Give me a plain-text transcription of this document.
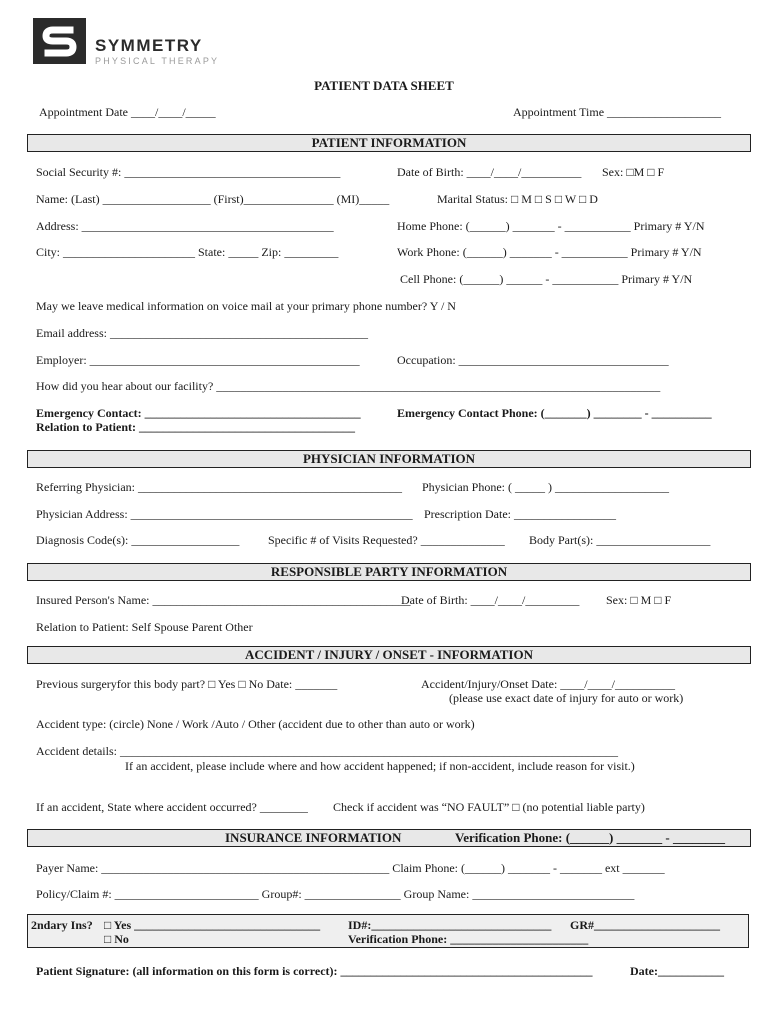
SYMMETRY
PHYSICAL THERAPY
PATIENT DATA SHEET
Appointment Date ____/____/_____	Appointment Time ___________________
PATIENT INFORMATION
Social Security #: ____________________________________	Date of Birth: ____/____/__________ Sex: □M □ F
Name: (Last) __________________ (First)_______________ (MI)_____	Marital Status: □ M □ S □ W □ D
Address: __________________________________________	Home Phone: (______) _______ - ___________ Primary # Y/N
City: ______________________ State: _____ Zip: _________	Work Phone: (______) _______ - ___________ Primary # Y/N
Cell Phone: (______) ______ - ___________ Primary # Y/N
May we leave medical information on voice mail at your primary phone number? Y / N
Email address: ___________________________________________
Employer: _____________________________________________	Occupation: ___________________________________
How did you hear about our facility? __________________________________________________________________________
Emergency Contact: ____________________________________
Relation to Patient: ____________________________________
Emergency Contact Phone: (_______) ________ - __________
PHYSICIAN INFORMATION
Referring Physician: ____________________________________________ Physician Phone: ( _____ ) ___________________
Physician Address: _______________________________________________ Prescription Date: _________________
Diagnosis Code(s): __________________ Specific # of Visits Requested? ______________ Body Part(s): ___________________
RESPONSIBLE PARTY INFORMATION
Insured Person's Name: ___________________________________________
Date of Birth: ____/____/_________ Sex: □ M □ F
Relation to Patient: Self Spouse Parent Other
ACCIDENT / INJURY / ONSET - INFORMATION
Previous surgeryfor this body part? □ Yes □ No Date: _______	Accident/Injury/Onset Date: ____/____/__________
(please use exact date of injury for auto or work)
Accident type: (circle) None / Work /Auto / Other (accident due to other than auto or work)
Accident details: ___________________________________________________________________________________
If an accident, please include where and how accident happened; if non-accident, include reason for visit.)
If an accident, State where accident occurred? ________ Check if accident was “NO FAULT” □ (no potential liable party)
INSURANCE INFORMATION	Verification Phone: (______) _______ - ________

Payer Name: ________________________________________________ Claim Phone: (______) _______ - _______ ext _______
Policy/Claim #: ________________________ Group#: ________________ Group Name: ___________________________
2ndary Ins? □ Yes _______________________________
□ No
ID#:______________________________ GR#_____________________
Verification Phone: _______________________
Patient Signature: (all information on this form is correct): __________________________________________	Date:___________
